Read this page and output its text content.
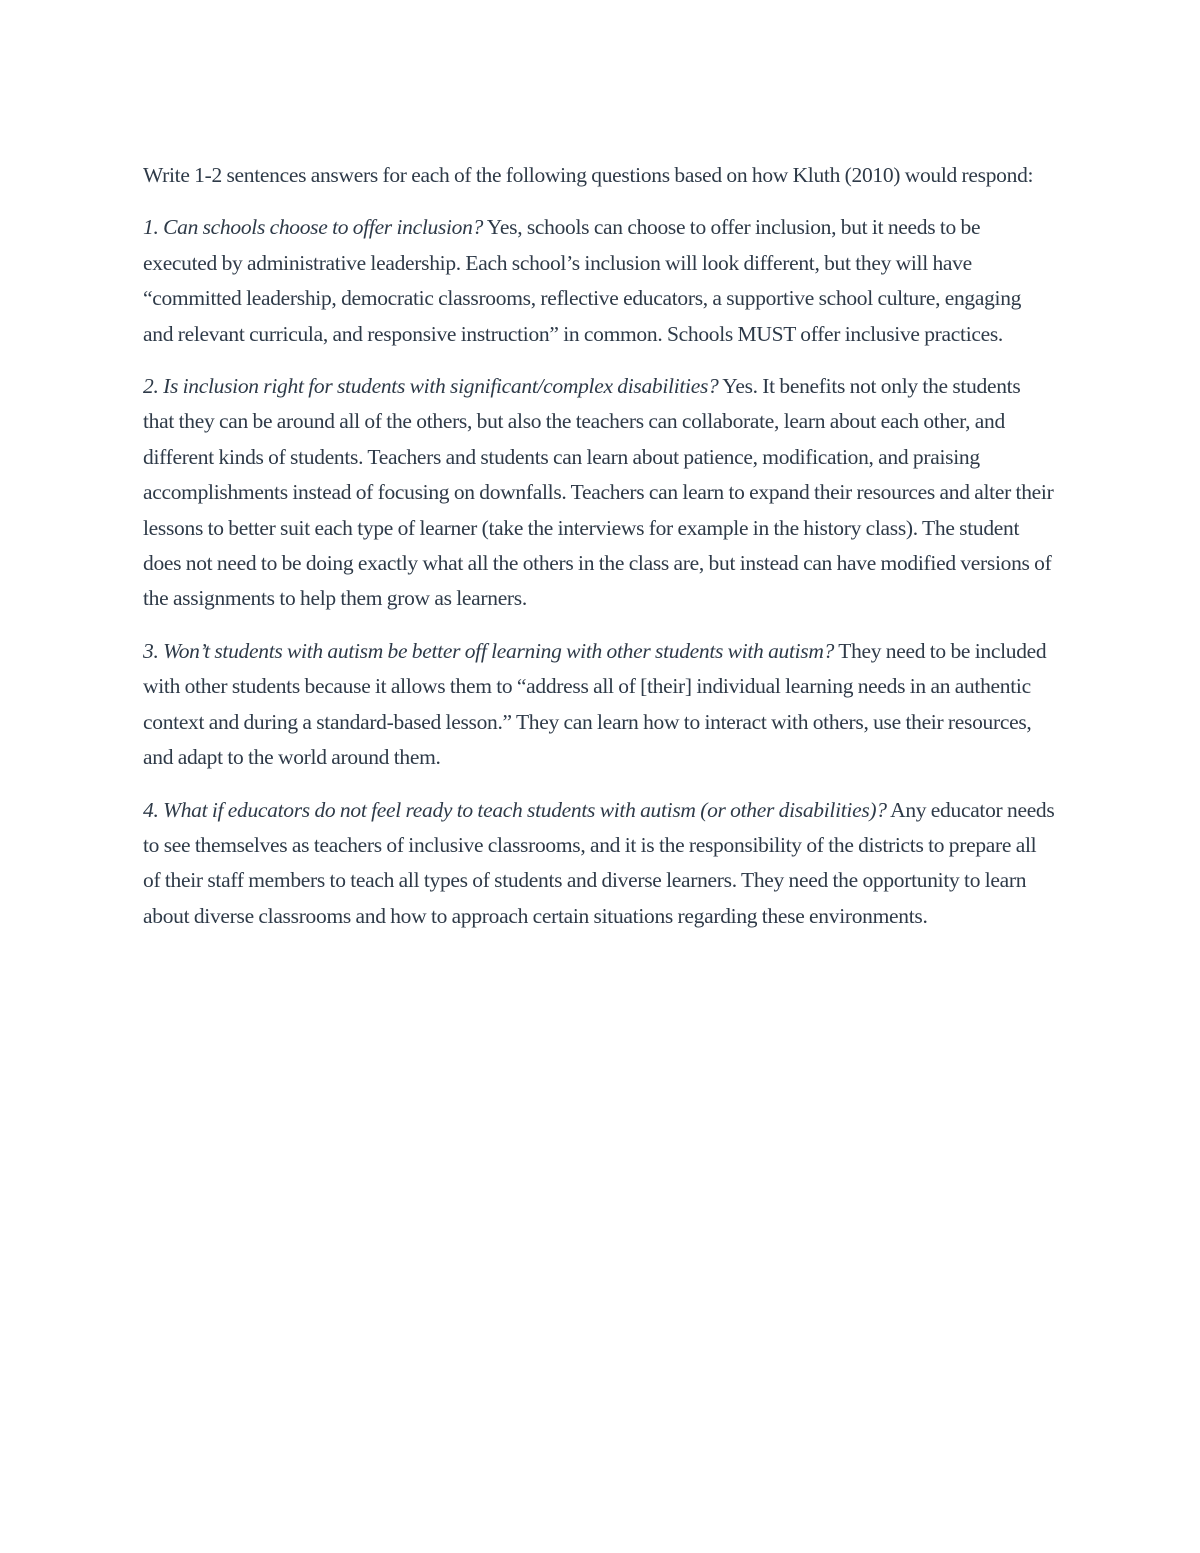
Write 1-2 sentences answers for each of the following questions based on how Kluth (2010) would respond:

1. Can schools choose to offer inclusion? Yes, schools can choose to offer inclusion, but it needs to be executed by administrative leadership. Each school’s inclusion will look different, but they will have “committed leadership, democratic classrooms, reflective educators, a supportive school culture, engaging and relevant curricula, and responsive instruction” in common. Schools MUST offer inclusive practices.

2. Is inclusion right for students with significant/complex disabilities? Yes. It benefits not only the students that they can be around all of the others, but also the teachers can collaborate, learn about each other, and different kinds of students. Teachers and students can learn about patience, modification, and praising accomplishments instead of focusing on downfalls. Teachers can learn to expand their resources and alter their lessons to better suit each type of learner (take the interviews for example in the history class). The student does not need to be doing exactly what all the others in the class are, but instead can have modified versions of the assignments to help them grow as learners.

3. Won’t students with autism be better off learning with other students with autism? They need to be included with other students because it allows them to “address all of [their] individual learning needs in an authentic context and during a standard-based lesson.” They can learn how to interact with others, use their resources, and adapt to the world around them.

4. What if educators do not feel ready to teach students with autism (or other disabilities)? Any educator needs to see themselves as teachers of inclusive classrooms, and it is the responsibility of the districts to prepare all of their staff members to teach all types of students and diverse learners. They need the opportunity to learn about diverse classrooms and how to approach certain situations regarding these environments.
